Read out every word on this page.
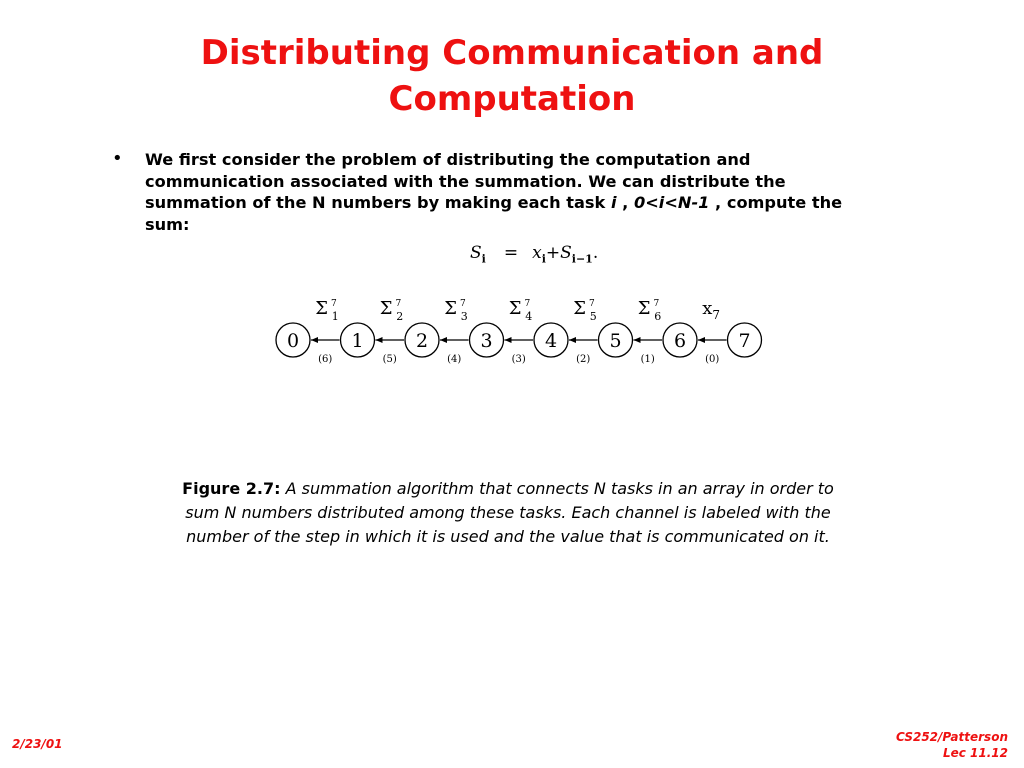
Distributing Communication and Computation
• We first consider the problem of distributing the computation and communication associated with the summation. We can distribute the summation of the N numbers by making each task i , 0<i<N-1 , compute the sum:

$S_i = x_i+S_{i-1}$.
0	1	2	3	4	5	6	7
Σ $^7$ 1
(6)
Σ $^7$ 2
(5)
Σ $^7$ 3
(4)
Σ $^7$ 4
(3)
Σ $^7$ 5
(2)
Σ $^7$ 6
(1)
$x_7$
(0)
Figure 2.7: A summation algorithm that connects N tasks in an array in order to sum N numbers distributed among these tasks. Each channel is labeled with the number of the step in which it is used and the value that is communicated on it.
2/23/01	CS252/Patterson
Lec 11.12
